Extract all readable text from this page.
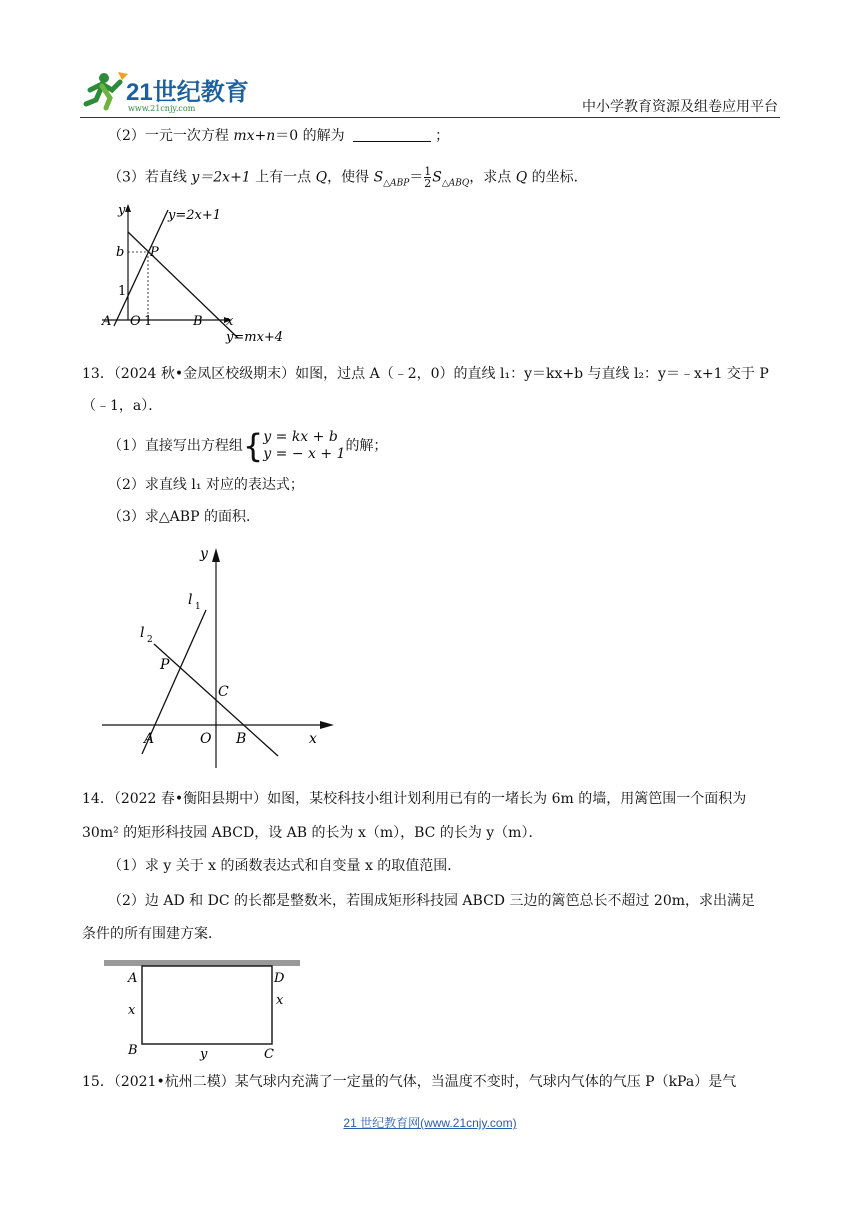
21世纪教育
www.21cnjy.com	中小学教育资源及组卷应用平台
（2）一元一次方程 mx+n＝0 的解为	；
（3）若直线 y＝2x+1 上有一点 Q，使得 $S_{\triangle ABP}= \frac{1}{2} S_{\triangle ABQ}$，求点 Q 的坐标．
y
x
y=2x+1
y=mx+4
b P
1
A O 1	B
13．（2024 秋•金凤区校级期末）如图，过点 A（﹣2，0）的直线 l₁：y＝kx+b 与直线 l₂：y＝﹣x+1 交于 P
（﹣1，a）．
（1）直接写出方程组{ y = kx + b
y = − x + 1 的解；
（2）求直线 l₁ 对应的表达式；
（3）求△ABP 的面积．
x
y
l 1
l 2
P
C
A	O B
14．（2022 春•衡阳县期中）如图，某校科技小组计划利用已有的一堵长为 6m 的墙，用篱笆围一个面积为
30m² 的矩形科技园 ABCD，设 AB 的长为 x（m），BC 的长为 y（m）．
（1）求 y 关于 x 的函数表达式和自变量 x 的取值范围．
（2）边 AD 和 DC 的长都是整数米，若围成矩形科技园 ABCD 三边的篱笆总长不超过 20m，求出满足
条件的所有围建方案．
A	D
B	C
x
x
y
15．（2021•杭州二模）某气球内充满了一定量的气体，当温度不变时，气球内气体的气压 P（kPa）是气
21 世纪教育网(www.21cnjy.com)
